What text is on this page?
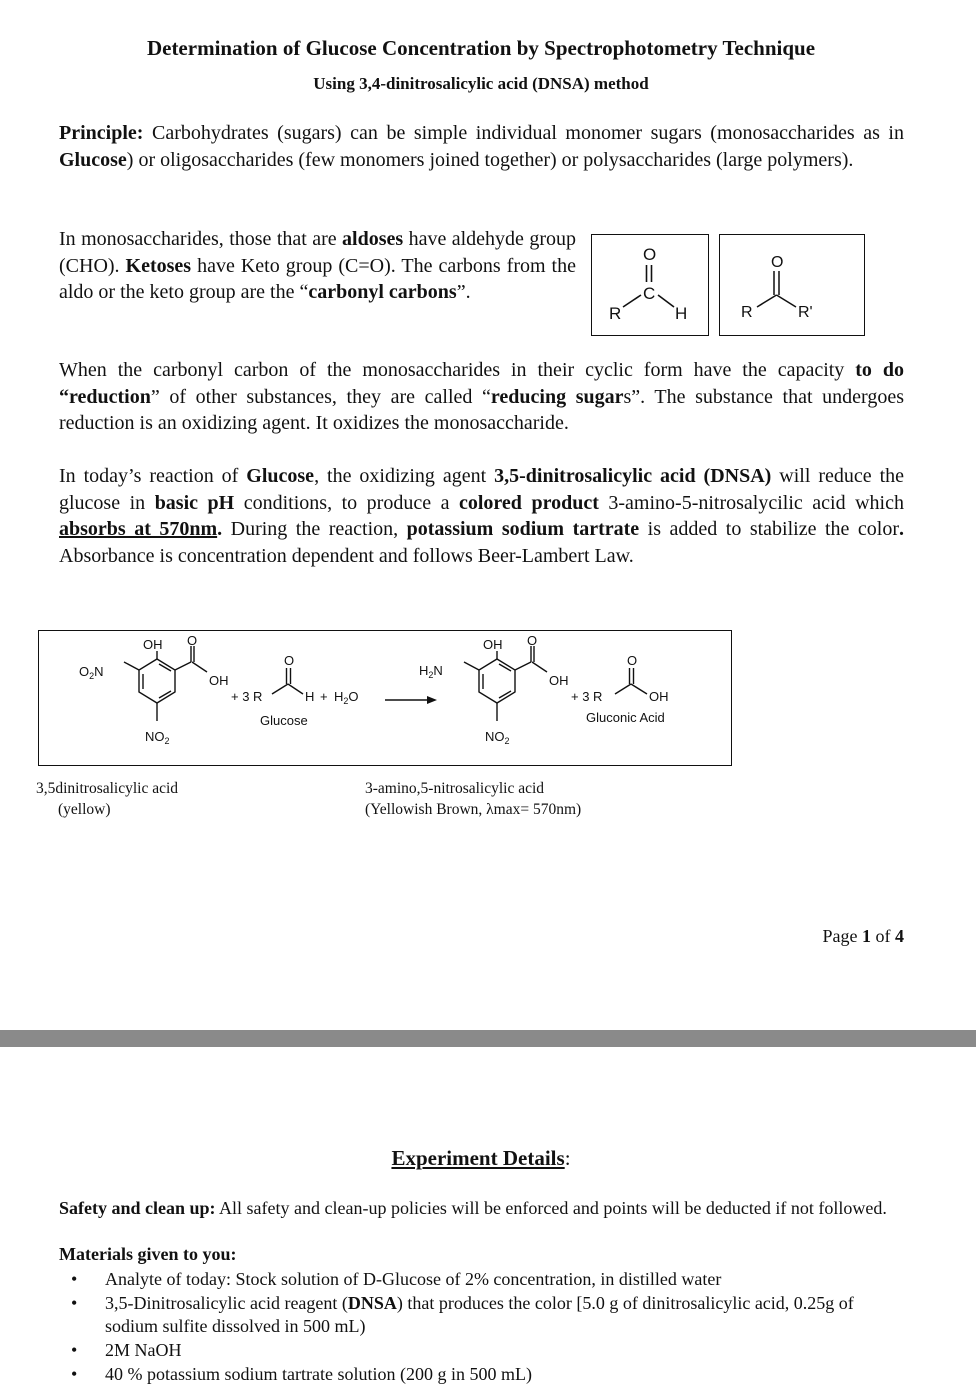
Determination of Glucose Concentration by Spectrophotometry Technique
Using 3,4-dinitrosalicylic acid (DNSA) method

Principle: Carbohydrates (sugars) can be simple individual monomer sugars (monosaccharides as in Glucose) or oligosaccharides (few monomers joined together) or polysaccharides (large polymers).

In monosaccharides, those that are aldoses have aldehyde group (CHO). Ketoses have Keto group (C=O). The carbons from the aldo or the keto group are the “carbonyl carbons”.

O
C
R	H
O
R	R'

When the carbonyl carbon of the monosaccharides in their cyclic form have the capacity to do “reduction” of other substances, they are called “reducing sugars”. The substance that undergoes reduction is an oxidizing agent. It oxidizes the monosaccharide.

In today’s reaction of Glucose, the oxidizing agent 3,5-dinitrosalicylic acid (DNSA) will reduce the glucose in basic pH conditions, to produce a colored product 3-amino-5-nitrosalycilic acid which absorbs at 570nm. During the reaction, potassium sodium tartrate is added to stabilize the color. Absorbance is concentration dependent and follows Beer-Lambert Law.

OH O
$O_2N$
OH
$NO_2$
+ 3 R
O
$H + H_2O$
Glucose
OH O
$H_2N$
OH
$NO_2$
+ 3 R
O
OH
Gluconic Acid
3,5dinitrosalicylic acid
(yellow)
3-amino,5-nitrosalicylic acid
(Yellowish Brown, λmax= 570nm)
Page 1 of 4
Experiment Details:
Safety and clean up: All safety and clean-up policies will be enforced and points will be deducted if not followed.
Materials given to you:
• Analyte of today: Stock solution of D-Glucose of 2% concentration, in distilled water
• 3,5-Dinitrosalicylic acid reagent (DNSA) that produces the color [5.0 g of dinitrosalicylic acid, 0.25g of sodium sulfite dissolved in 500 mL)
• 2M NaOH
• 40 % potassium sodium tartrate solution (200 g in 500 mL)
